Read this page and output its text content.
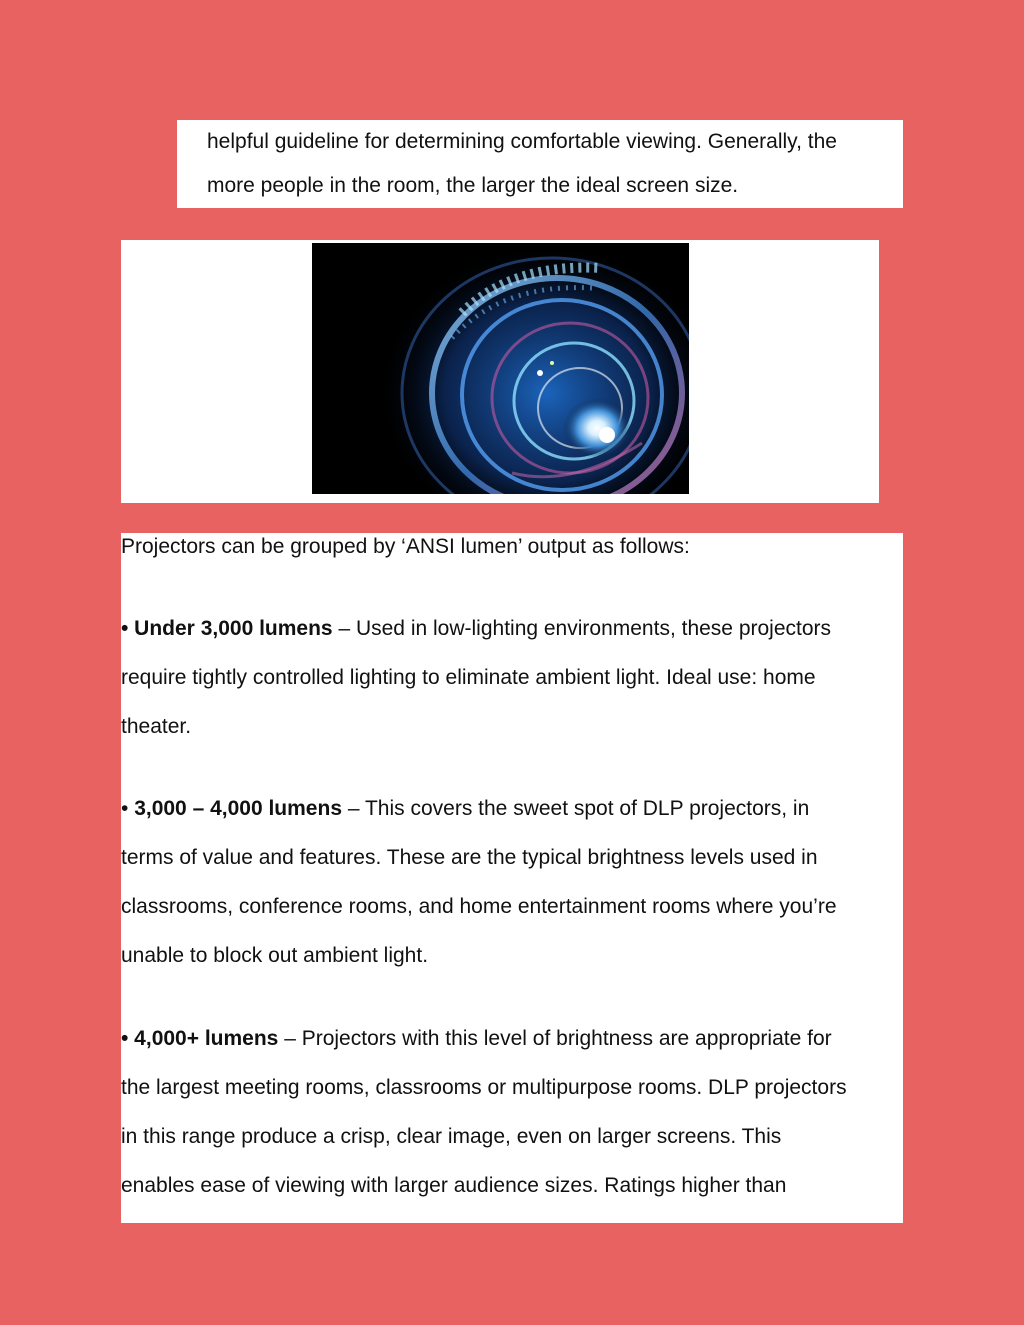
helpful guideline for determining comfortable viewing. Generally, the

more people in the room, the larger the ideal screen size.

Projectors can be grouped by ‘ANSI lumen’ output as follows:
• Under 3,000 lumens – Used in low-lighting environments, these projectors
require tightly controlled lighting to eliminate ambient light. Ideal use: home
theater.
• 3,000 – 4,000 lumens – This covers the sweet spot of DLP projectors, in
terms of value and features. These are the typical brightness levels used in
classrooms, conference rooms, and home entertainment rooms where you’re
unable to block out ambient light.
• 4,000+ lumens – Projectors with this level of brightness are appropriate for
the largest meeting rooms, classrooms or multipurpose rooms. DLP projectors
in this range produce a crisp, clear image, even on larger screens. This
enables ease of viewing with larger audience sizes. Ratings higher than
